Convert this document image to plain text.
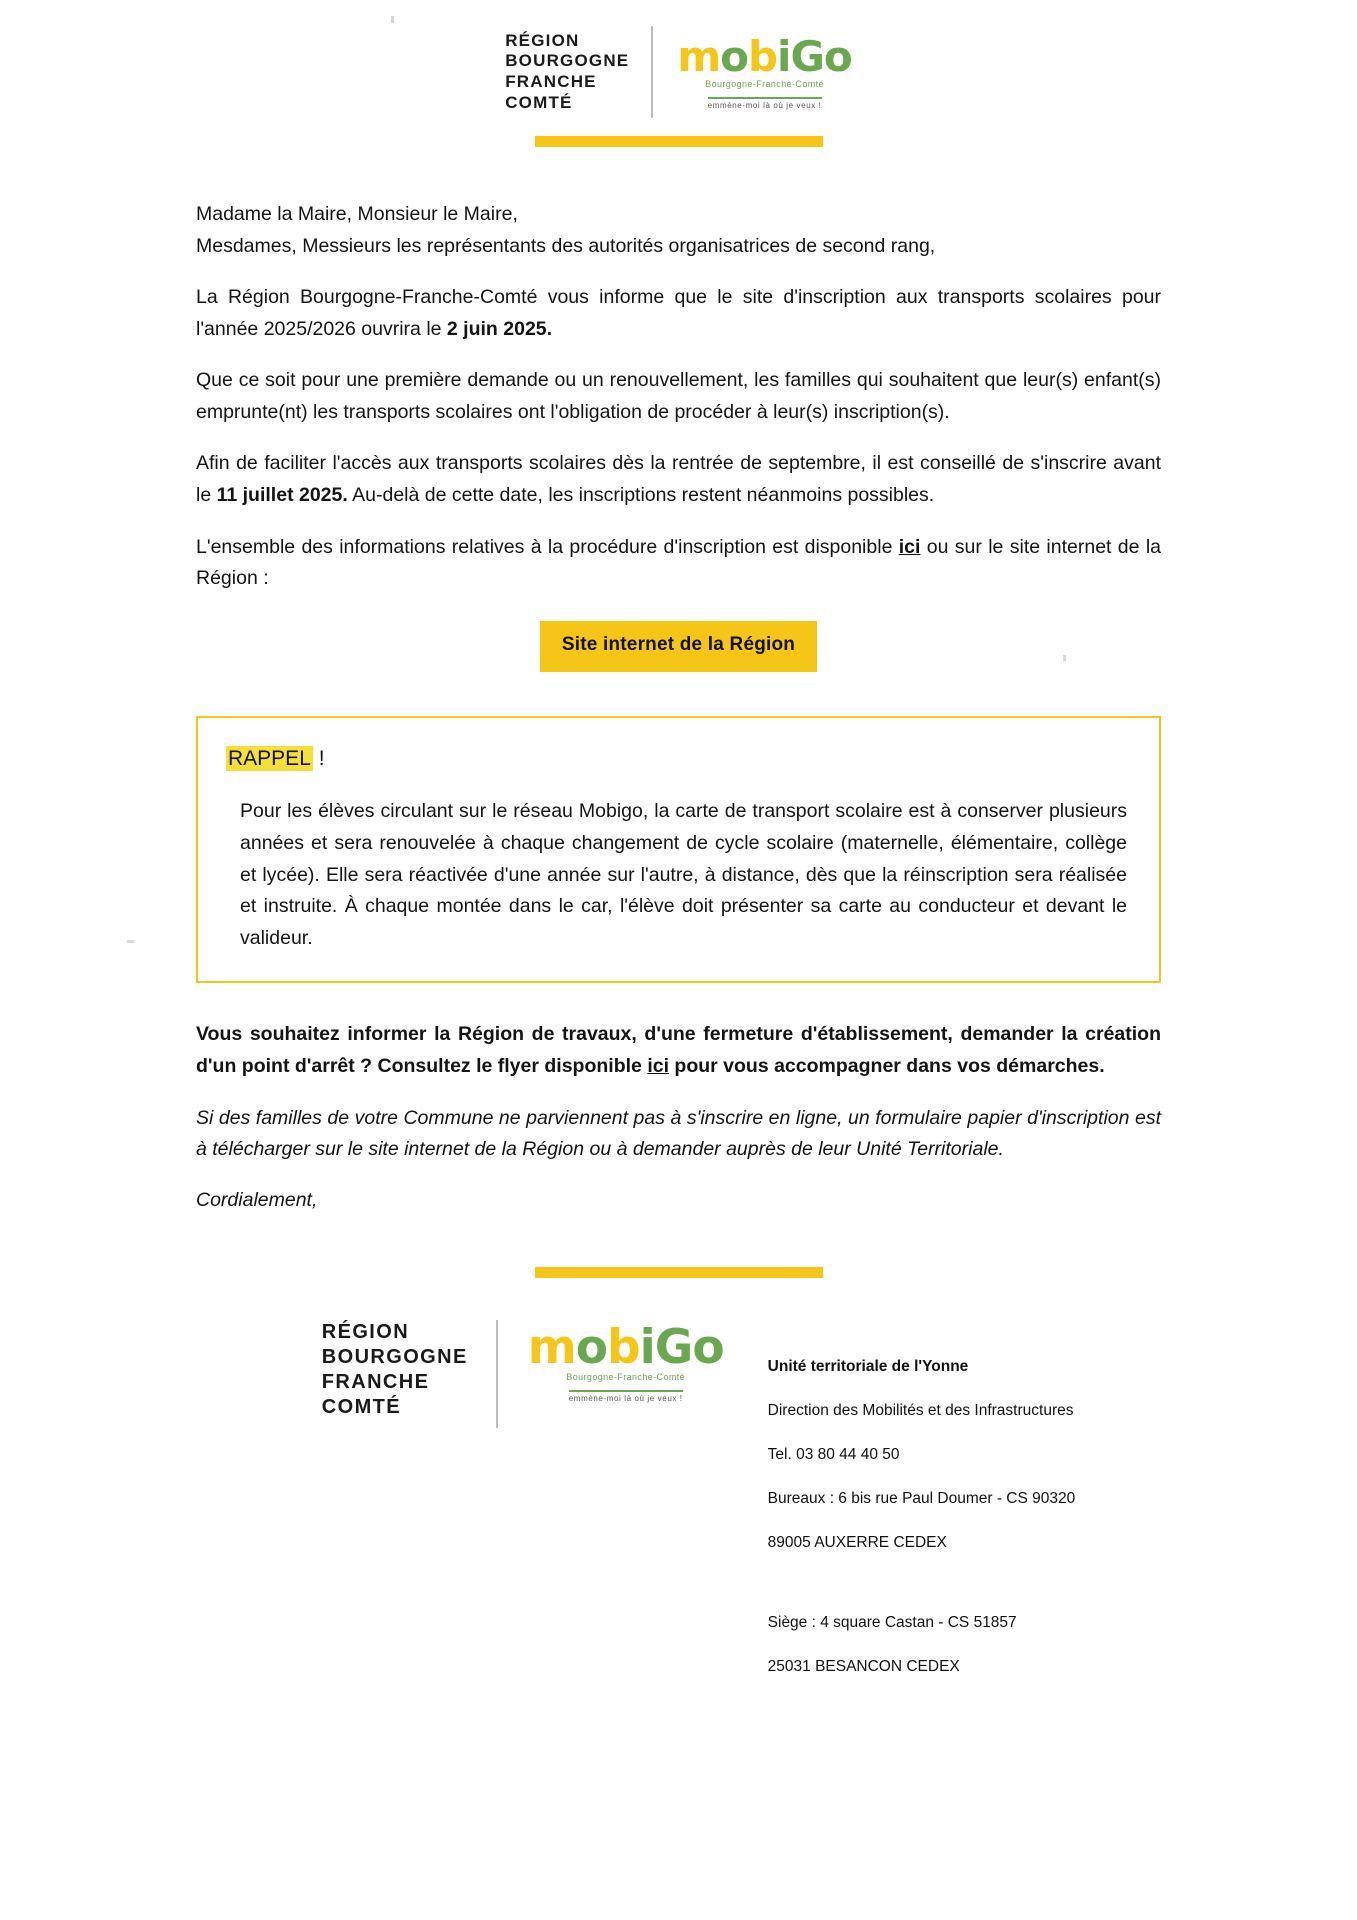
RÉGION
BOURGOGNE
FRANCHE
COMTÉ
mobiGo
Bourgogne-Franche-Comté
emmène-moi là où je veux !

Madame la Maire, Monsieur le Maire,
Mesdames, Messieurs les représentants des autorités organisatrices de second rang,

La Région Bourgogne-Franche-Comté vous informe que le site d'inscription aux transports scolaires pour l'année 2025/2026 ouvrira le 2 juin 2025.

Que ce soit pour une première demande ou un renouvellement, les familles qui souhaitent que leur(s) enfant(s) emprunte(nt) les transports scolaires ont l'obligation de procéder à leur(s) inscription(s).

Afin de faciliter l'accès aux transports scolaires dès la rentrée de septembre, il est conseillé de s'inscrire avant le 11 juillet 2025. Au-delà de cette date, les inscriptions restent néanmoins possibles.

L'ensemble des informations relatives à la procédure d'inscription est disponible ici ou sur le site internet de la Région :

Site internet de la Région
RAPPEL !

Pour les élèves circulant sur le réseau Mobigo, la carte de transport scolaire est à conserver plusieurs années et sera renouvelée à chaque changement de cycle scolaire (maternelle, élémentaire, collège et lycée). Elle sera réactivée d'une année sur l'autre, à distance, dès que la réinscription sera réalisée et instruite. À chaque montée dans le car, l'élève doit présenter sa carte au conducteur et devant le valideur.

Vous souhaitez informer la Région de travaux, d'une fermeture d'établissement, demander la création d'un point d'arrêt ? Consultez le flyer disponible ici pour vous accompagner dans vos démarches.

Si des familles de votre Commune ne parviennent pas à s'inscrire en ligne, un formulaire papier d'inscription est à télécharger sur le site internet de la Région ou à demander auprès de leur Unité Territoriale.

Cordialement,

RÉGION
BOURGOGNE
FRANCHE
COMTÉ
mobiGo
Bourgogne-Franche-Comté
emmène-moi là où je veux !

Unité territoriale de l'Yonne

Direction des Mobilités et des Infrastructures

Tel. 03 80 44 40 50

Bureaux : 6 bis rue Paul Doumer - CS 90320

89005 AUXERRE CEDEX

Siège : 4 square Castan - CS 51857

25031 BESANCON CEDEX
